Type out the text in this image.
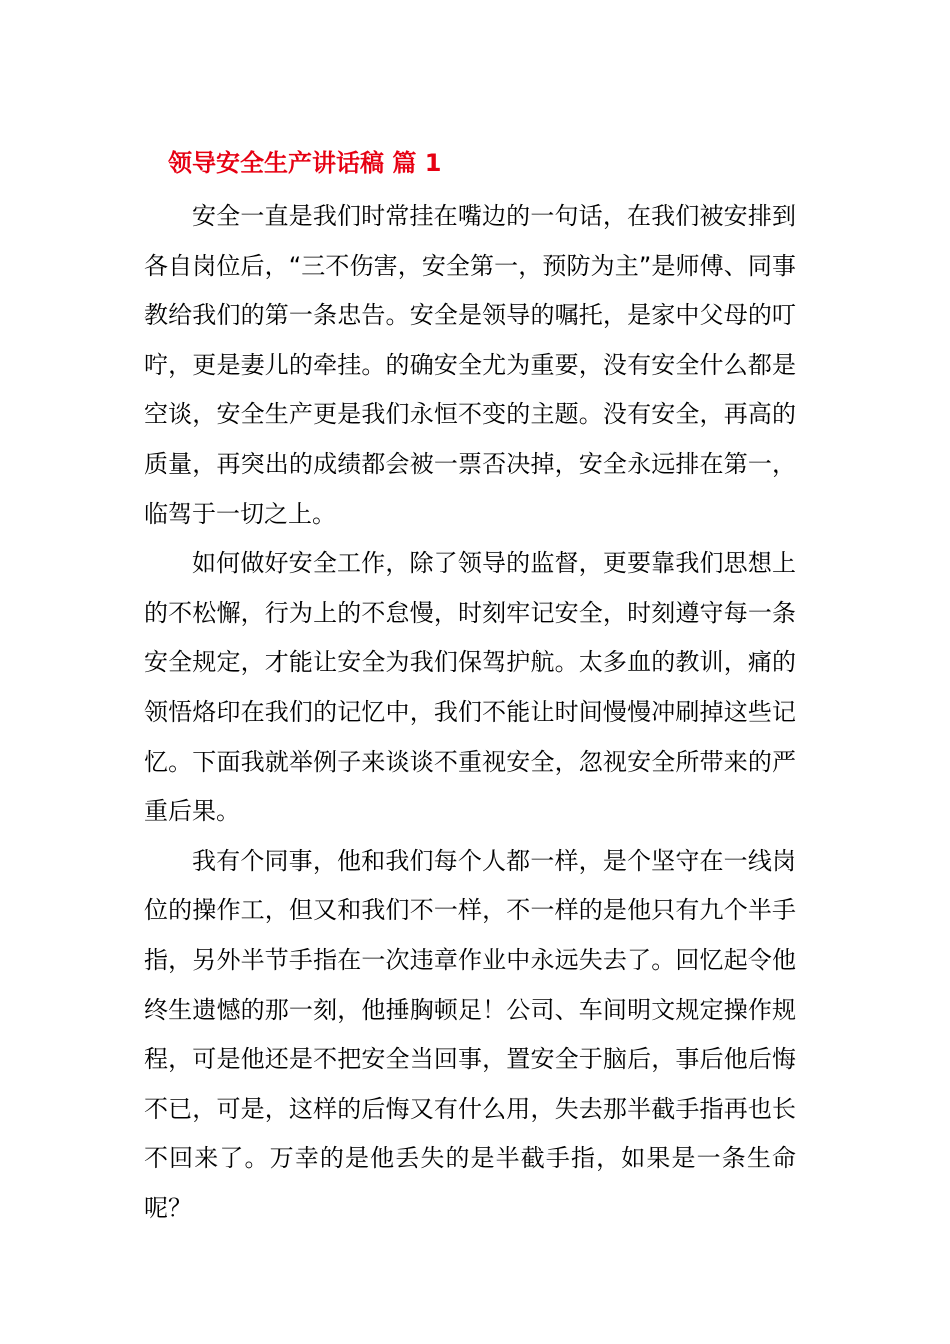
领导安全生产讲话稿 篇 1

安全一直是我们时常挂在嘴边的一句话，在我们被安排到各自岗位后，“三不伤害，安全第一，预防为主”是师傅、同事教给我们的第一条忠告。安全是领导的嘱托，是家中父母的叮咛，更是妻儿的牵挂。的确安全尤为重要，没有安全什么都是空谈，安全生产更是我们永恒不变的主题。没有安全，再高的质量，再突出的成绩都会被一票否决掉，安全永远排在第一，临驾于一切之上。

如何做好安全工作，除了领导的监督，更要靠我们思想上的不松懈，行为上的不怠慢，时刻牢记安全，时刻遵守每一条安全规定，才能让安全为我们保驾护航。太多血的教训，痛的领悟烙印在我们的记忆中，我们不能让时间慢慢冲刷掉这些记忆。下面我就举例子来谈谈不重视安全，忽视安全所带来的严重后果。

我有个同事，他和我们每个人都一样，是个坚守在一线岗位的操作工，但又和我们不一样，不一样的是他只有九个半手指，另外半节手指在一次违章作业中永远失去了。回忆起令他终生遗憾的那一刻，他捶胸顿足！公司、车间明文规定操作规程，可是他还是不把安全当回事，置安全于脑后，事后他后悔不已，可是，这样的后悔又有什么用，失去那半截手指再也长不回来了。万幸的是他丢失的是半截手指，如果是一条生命呢？
